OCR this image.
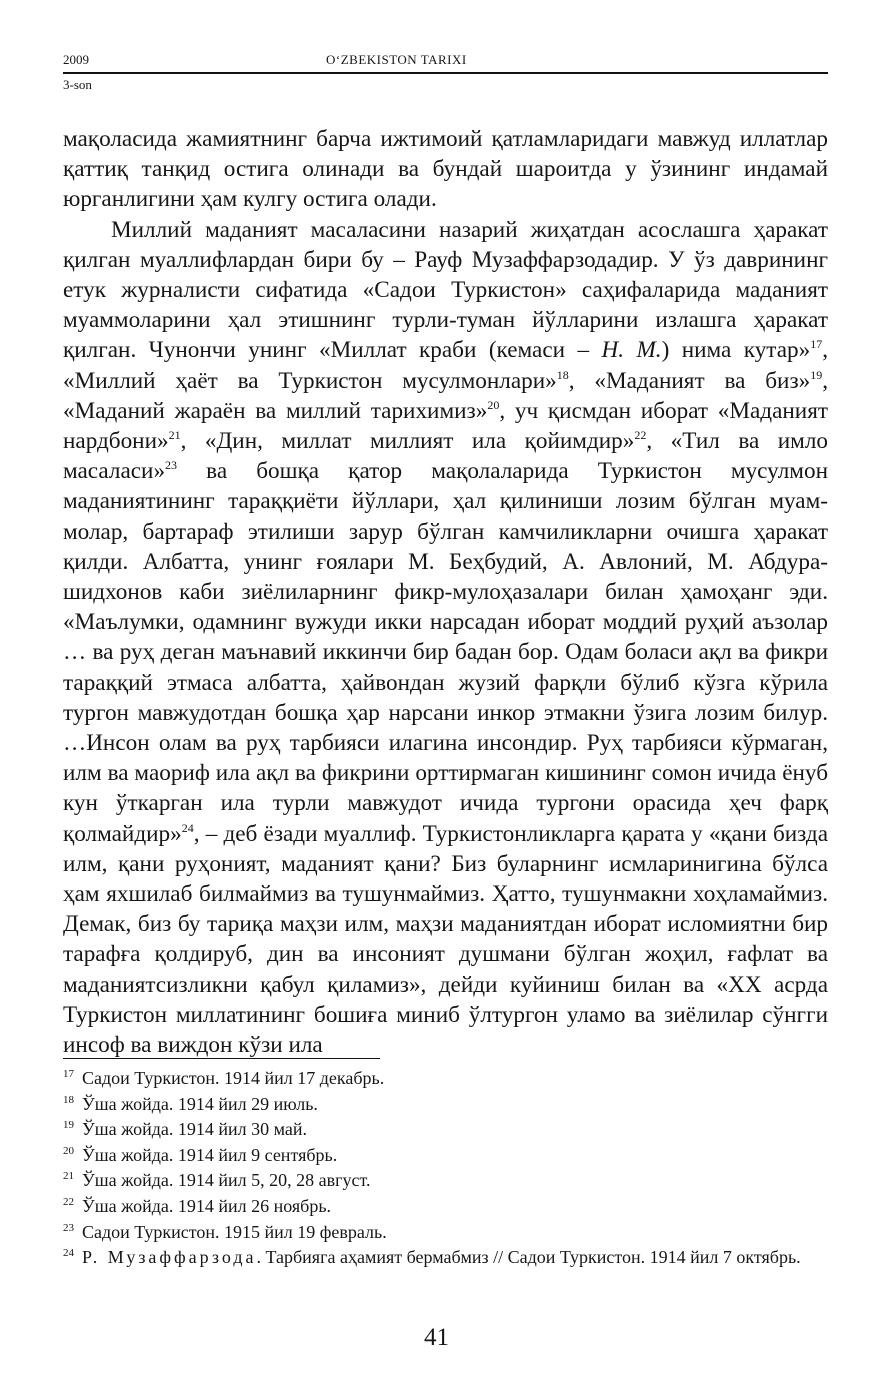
2009	O‘ZBEKISTON TARIXI
3-son

мақоласида жамиятнинг барча ижтимоий қатламларидаги мавжуд иллатлар қаттиқ танқид остига олинади ва бундай шароитда у ўзининг индамай юрганлигини ҳам кулгу остига олади.

Миллий маданият масаласини назарий жиҳатдан асослашга ҳаракат қилган муаллифлардан бири бу – Рауф Музаффарзодадир. У ўз даврининг етук журналисти сифатида «Садои Туркистон» саҳифаларида маданият муаммоларини ҳал этишнинг турли-туман йўлларини излашга ҳаракат қилган. Чунончи унинг «Миллат краби (кемаси – Н. М.) нима кутар»$^{17}$, «Миллий ҳаёт ва Туркистон мусулмонлари»$^{18}$, «Маданият ва биз»$^{19}$, «Маданий жараён ва миллий тарихимиз»$^{20}$, уч қисмдан иборат «Маданият нардбони»$^{21}$, «Дин, миллат миллият ила қойимдир»$^{22}$, «Тил ва имло масаласи»$^{23}$ ва бошқа қатор мақолаларида Туркистон мусулмон маданиятининг тараққиёти йўллари, ҳал қилиниши лозим бўлган муаммолар, бартараф этилиши зарур бўлган камчиликларни очишга ҳаракат қилди. Албатта, унинг ғоялари М. Беҳбудий, А. Авлоний, М. Абдурашидхонов каби зиёлиларнинг фикр-мулоҳазалари билан ҳамоҳанг эди. «Маълумки, одамнинг вужуди икки нарсадан иборат моддий руҳий аъзолар … ва руҳ деган маънавий иккинчи бир бадан бор. Одам боласи ақл ва фикри тараққий этмаса албатта, ҳайвондан жузий фарқли бўлиб кўзга кўрила тургон мавжудотдан бошқа ҳар нарсани инкор этмакни ўзига лозим билур. …Инсон олам ва руҳ тарбияси илагина инсондир. Руҳ тарбияси кўрмаган, илм ва маориф ила ақл ва фикрини орттирмаган кишининг сомон ичида ёнуб кун ўткарган ила турли мавжудот ичида тургони орасида ҳеч фарқ қолмайдир»$^{24}$, – деб ёзади муаллиф. Туркистонликларга қарата у «қани бизда илм, қани руҳоният, маданият қани? Биз буларнинг исмларинигина бўлса ҳам яхшилаб билмаймиз ва тушунмаймиз. Ҳатто, тушунмакни хоҳламаймиз. Демак, биз бу тариқа маҳзи илм, маҳзи маданиятдан иборат исломиятни бир тарафға қолдируб, дин ва инсоният душмани бўлган жоҳил, ғафлат ва маданиятсизликни қабул қиламиз», дейди куйиниш билан ва «XX асрда Туркистон миллатининг бошиға миниб ўлтургон уламо ва зиёлилар сўнгги инсоф ва виждон кўзи ила

$^{17}$ Садои Туркистон. 1914 йил 17 декабрь.

$^{18}$ Ўша жойда. 1914 йил 29 июль.

$^{19}$ Ўша жойда. 1914 йил 30 май.

$^{20}$ Ўша жойда. 1914 йил 9 сентябрь.

$^{21}$ Ўша жойда. 1914 йил 5, 20, 28 август.

$^{22}$ Ўша жойда. 1914 йил 26 ноябрь.

$^{23}$ Садои Туркистон. 1915 йил 19 февраль.

$^{24}$ Р. Музаффарзода. Тарбияга аҳамият бермабмиз // Садои Туркистон. 1914 йил 7 октябрь.

41
